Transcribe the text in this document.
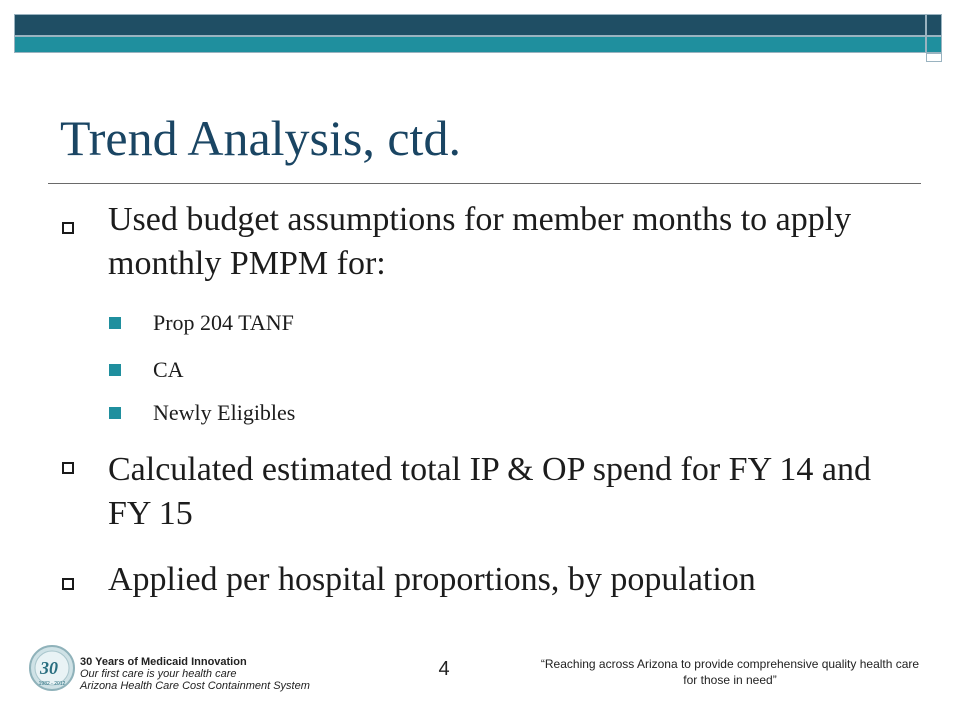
Trend Analysis, ctd.
Used budget assumptions for member months to apply monthly PMPM for:
Prop 204 TANF
CA
Newly Eligibles
Calculated estimated total IP & OP spend for FY 14 and FY 15
Applied per hospital proportions, by population
30
1982 - 2012
30 Years of Medicaid Innovation
Our first care is your health care
Arizona Health Care Cost Containment System
4	“Reaching across Arizona to provide comprehensive quality health care for those in need”
